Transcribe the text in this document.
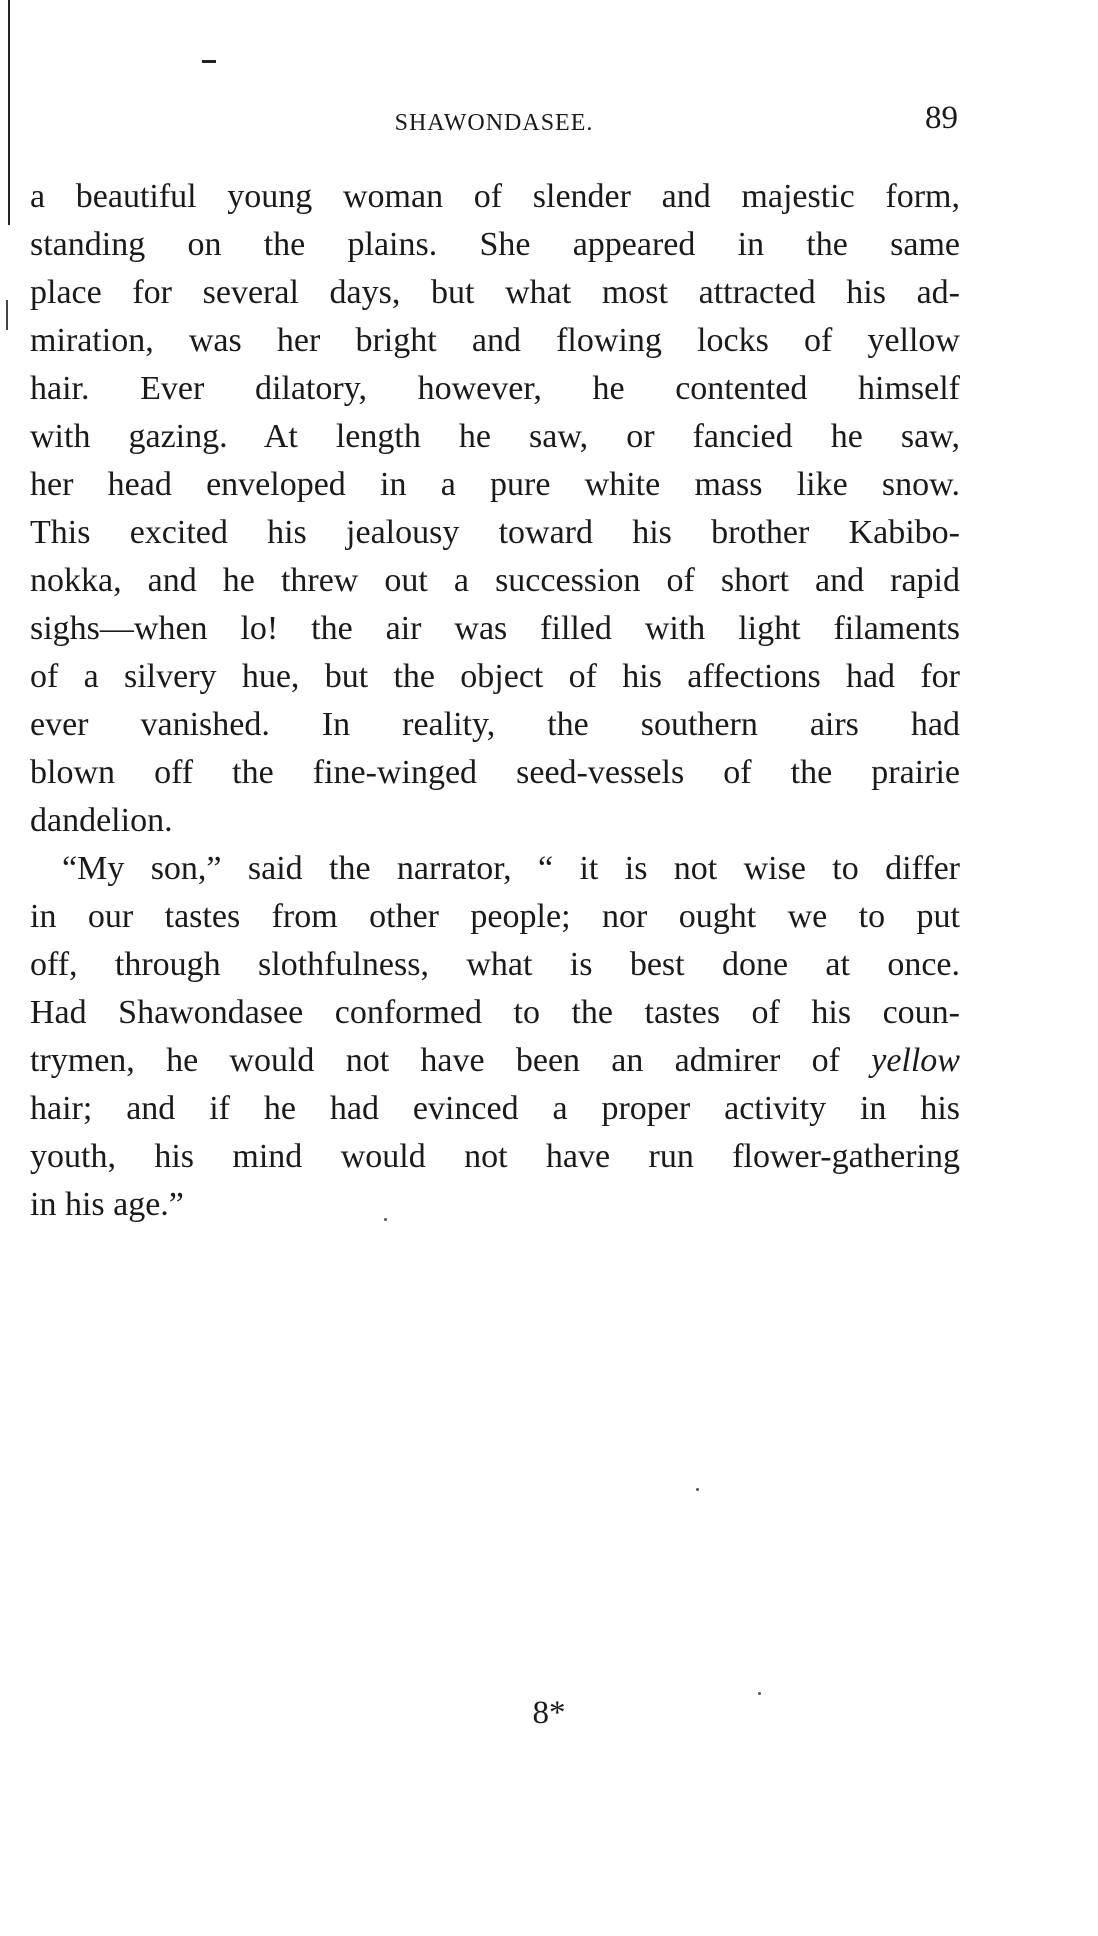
SHAWONDASEE.	89
a beautiful young woman of slender and majestic form,
standing on the plains. She appeared in the same
place for several days, but what most attracted his ad-
miration, was her bright and flowing locks of yellow
hair. Ever dilatory, however, he contented himself
with gazing. At length he saw, or fancied he saw,
her head enveloped in a pure white mass like snow.
This excited his jealousy toward his brother Kabibo-
nokka, and he threw out a succession of short and rapid
sighs—when lo! the air was filled with light filaments
of a silvery hue, but the object of his affections had for
ever vanished. In reality, the southern airs had
blown off the fine-winged seed-vessels of the prairie
dandelion.
“My son,” said the narrator, “ it is not wise to differ
in our tastes from other people; nor ought we to put
off, through slothfulness, what is best done at once.
Had Shawondasee conformed to the tastes of his coun-
trymen, he would not have been an admirer of yellow
hair; and if he had evinced a proper activity in his
youth, his mind would not have run flower-gathering
in his age.”
8*
